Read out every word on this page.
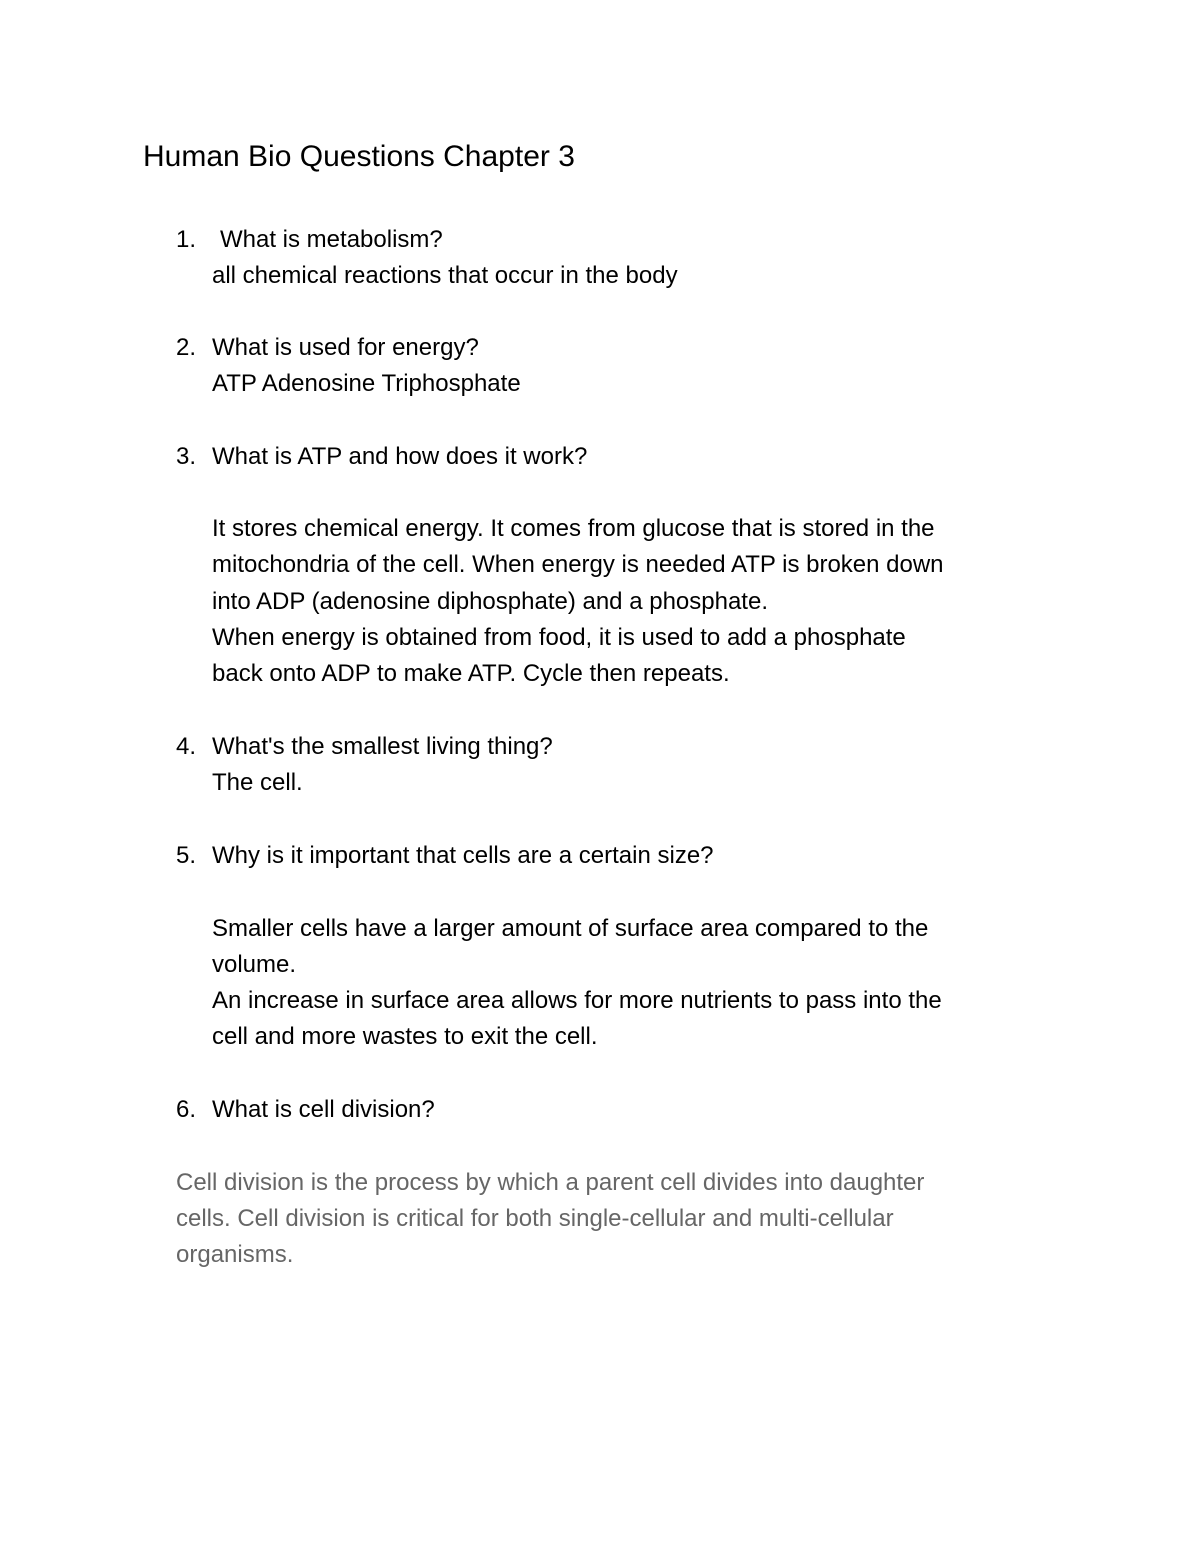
Human Bio Questions Chapter 3
1. What is metabolism?
all chemical reactions that occur in the body
2. What is used for energy?
ATP Adenosine Triphosphate
3. What is ATP and how does it work?
It stores chemical energy. It comes from glucose that is stored in the
mitochondria of the cell. When energy is needed ATP is broken down
into ADP (adenosine diphosphate) and a phosphate.
When energy is obtained from food, it is used to add a phosphate
back onto ADP to make ATP. Cycle then repeats.
4. What's the smallest living thing?
The cell.
5. Why is it important that cells are a certain size?
Smaller cells have a larger amount of surface area compared to the
volume.
An increase in surface area allows for more nutrients to pass into the
cell and more wastes to exit the cell.
6. What is cell division?
Cell division is the process by which a parent cell divides into daughter
cells. Cell division is critical for both single-cellular and multi-cellular
organisms.
